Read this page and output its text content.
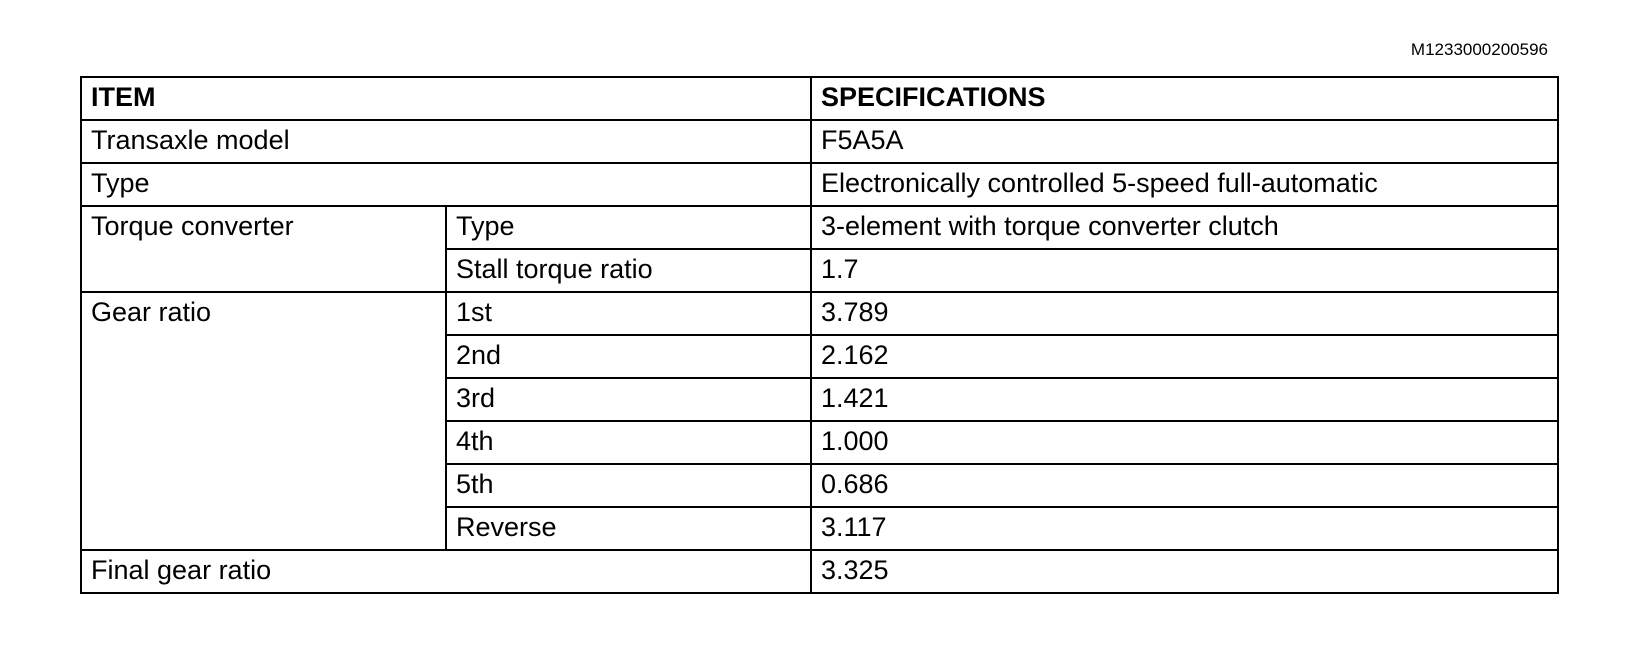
M1233000200596
ITEM		SPECIFICATIONS
Transaxle model		F5A5A
Type		Electronically controlled 5-speed full-automatic
Torque converter	Type	3-element with torque converter clutch
	Stall torque ratio	1.7
Gear ratio	1st	3.789
	2nd	2.162
	3rd	1.421
	4th	1.000
	5th	0.686
	Reverse	3.117
Final gear ratio		3.325
